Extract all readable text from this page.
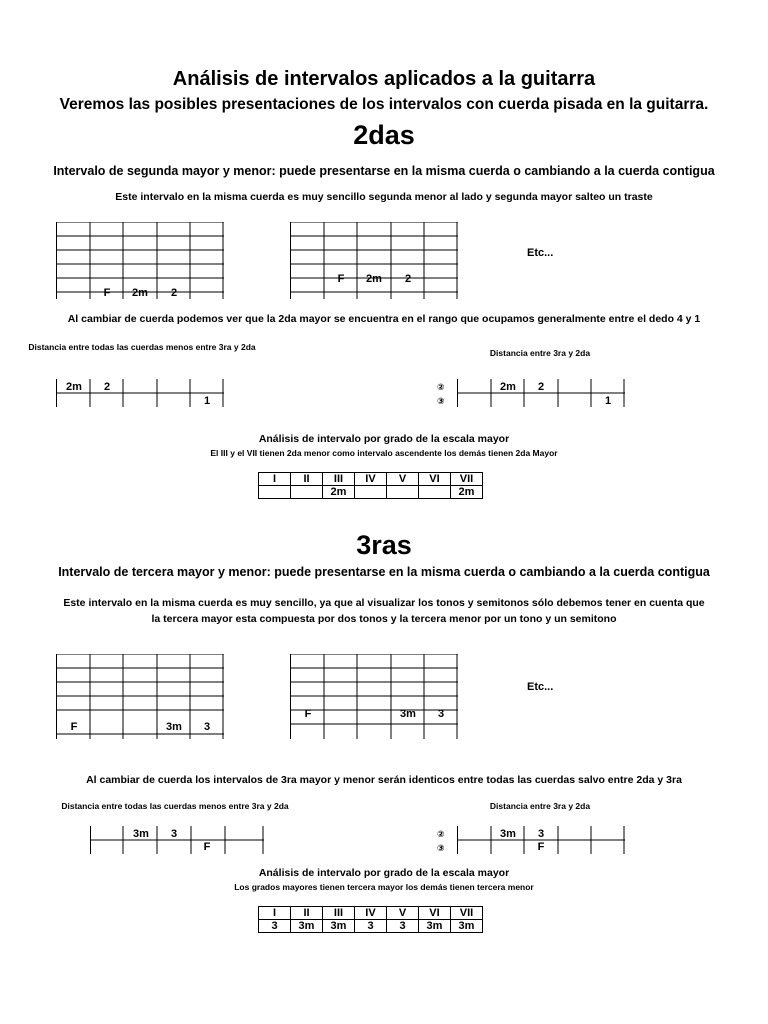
Análisis de intervalos aplicados a la guitarra
Veremos las posibles presentaciones de los intervalos con cuerda pisada en la guitarra.
2das
Intervalo de segunda mayor y menor: puede presentarse en la misma cuerda o cambiando a la cuerda contigua
Este intervalo en la misma cuerda es muy sencillo segunda menor al lado y segunda mayor salteo un traste
F 2m 2
F 2m 2
Etc...
Al cambiar de cuerda podemos ver que la 2da mayor se encuentra en el rango que ocupamos generalmente entre el dedo 4 y 1
Distancia entre todas las cuerdas menos entre 3ra y 2da
Distancia entre 3ra y 2da
2m 2
1
②
③
2m 2
1
Análisis de intervalo por grado de la escala mayor
El III y el VII tienen 2da menor como intervalo ascendente los demás tienen 2da Mayor
I	II	III	IV	V	VI	VII
		2m				2m
3ras
Intervalo de tercera mayor y menor: puede presentarse en la misma cuerda o cambiando a la cuerda contigua
Este intervalo en la misma cuerda es muy sencillo, ya que al visualizar los tonos y semitonos sólo debemos tener en cuenta que
la tercera mayor esta compuesta por dos tonos y la tercera menor por un tono y un semitono
F	3m 3
F	3m 3
Etc...
Al cambiar de cuerda los intervalos de 3ra mayor y menor serán identicos entre todas las cuerdas salvo entre 2da y 3ra
Distancia entre todas las cuerdas menos entre 3ra y 2da	Distancia entre 3ra y 2da
3m 3
F
②
③
3m 3
F
Análisis de intervalo por grado de la escala mayor
Los grados mayores tienen tercera mayor los demás tienen tercera menor
I	II	III	IV	V	VI	VII
3	3m	3m	3	3	3m	3m
